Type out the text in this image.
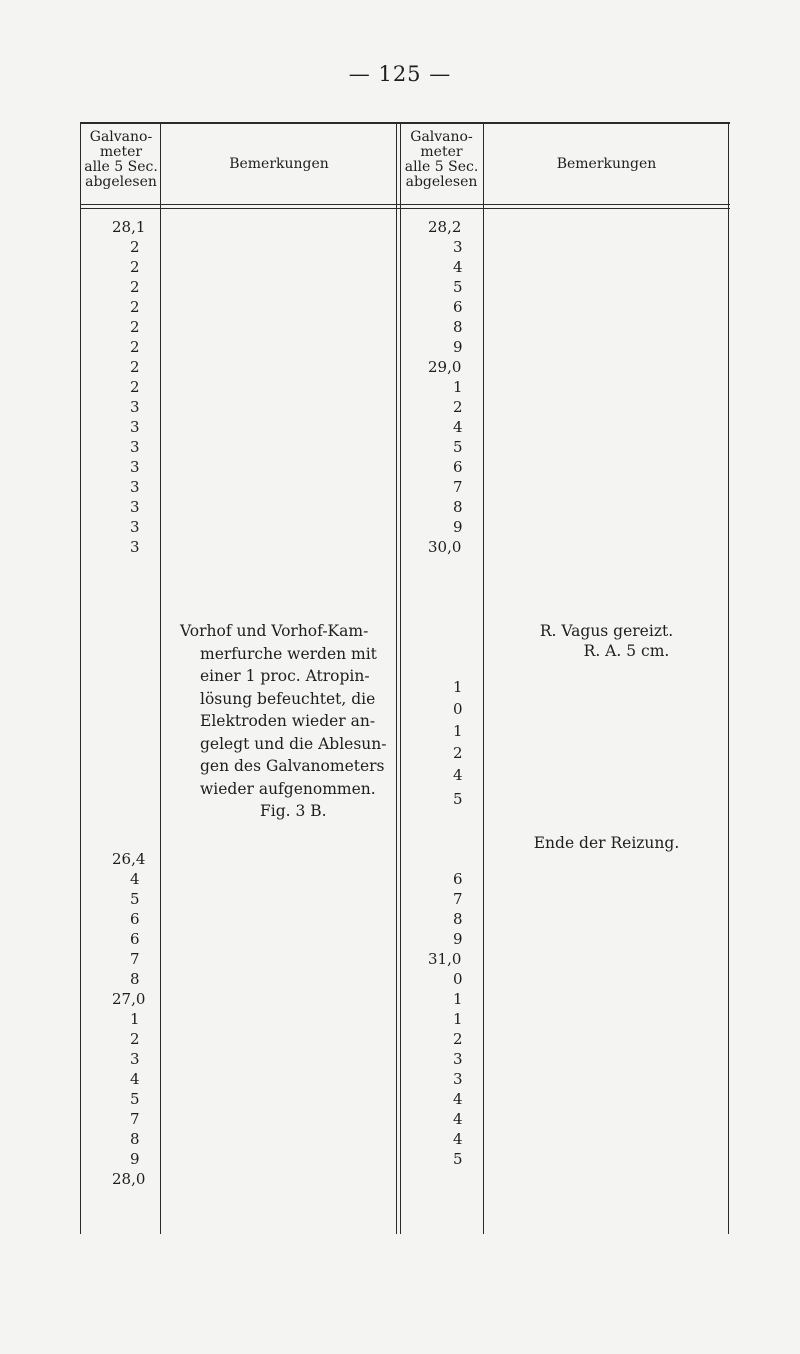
— 125 —
Galvano-
meter
alle 5 Sec.
abgelesen
Bemerkungen
Galvano-
meter
alle 5 Sec.
abgelesen
Bemerkungen
28,1
2
2
2
2
2
2
2
2
3
3
3
3
3
3
3
3
26,4
4
5
6
6
7
8
27,0
1
2
3
4
5
7
8
9
28,0
28,2
3
4
5
6
8
9
29,0
1
2
4
5
6
7
8
9
30,0
1
0
1
2
4
5
6
7
8
9
31,0
0
1
1
2
3
3
4
4
4
5
Vorhof und Vorhof-Kam-
merfurche werden mit
einer 1 proc. Atropin-
lösung befeuchtet, die
Elektroden wieder an-
gelegt und die Ablesun-
gen des Galvanometers
wieder aufgenommen.
Fig. 3 B.
R. Vagus gereizt.
R. A. 5 cm.
Ende der Reizung.
